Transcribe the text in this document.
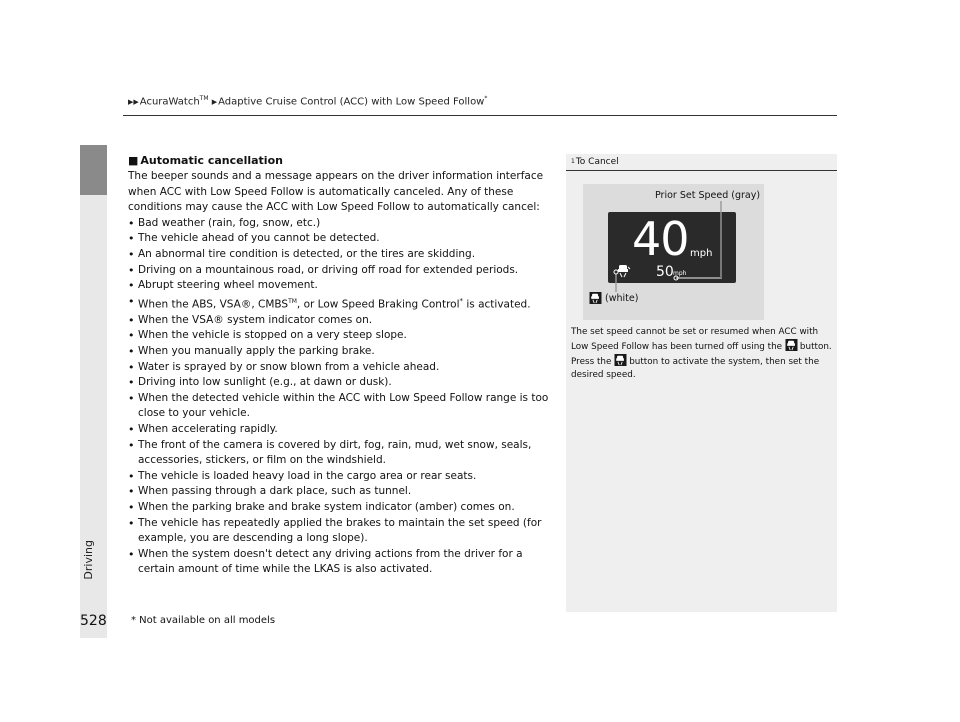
▶▶AcuraWatch™ ▶Adaptive Cruise Control (ACC) with Low Speed Follow*
Driving
■ Automatic cancellation

The beeper sounds and a message appears on the driver information interface when ACC with Low Speed Follow is automatically canceled. Any of these conditions may cause the ACC with Low Speed Follow to automatically cancel:

• Bad weather (rain, fog, snow, etc.)
• The vehicle ahead of you cannot be detected.
• An abnormal tire condition is detected, or the tires are skidding.
• Driving on a mountainous road, or driving off road for extended periods.
• Abrupt steering wheel movement.
• When the ABS, VSA®, CMBS™, or Low Speed Braking Control* is activated.
• When the VSA® system indicator comes on.
• When the vehicle is stopped on a very steep slope.
• When you manually apply the parking brake.
• Water is sprayed by or snow blown from a vehicle ahead.
• Driving into low sunlight (e.g., at dawn or dusk).
• When the detected vehicle within the ACC with Low Speed Follow range is too close to your vehicle.
• When accelerating rapidly.
• The front of the camera is covered by dirt, fog, rain, mud, wet snow, seals, accessories, stickers, or film on the windshield.
• The vehicle is loaded heavy load in the cargo area or rear seats.
• When passing through a dark place, such as tunnel.
• When the parking brake and brake system indicator (amber) comes on.
• The vehicle has repeatedly applied the brakes to maintain the set speed (for example, you are descending a long slope).
• When the system doesn't detect any driving actions from the driver for a certain amount of time while the LKAS is also activated.
1To Cancel
Prior Set Speed (gray)
40 mph
50 mph
(white)
The set speed cannot be set or resumed when ACC with Low Speed Follow has been turned off using the button. Press the button to activate the system, then set the desired speed.
528 * Not available on all models
